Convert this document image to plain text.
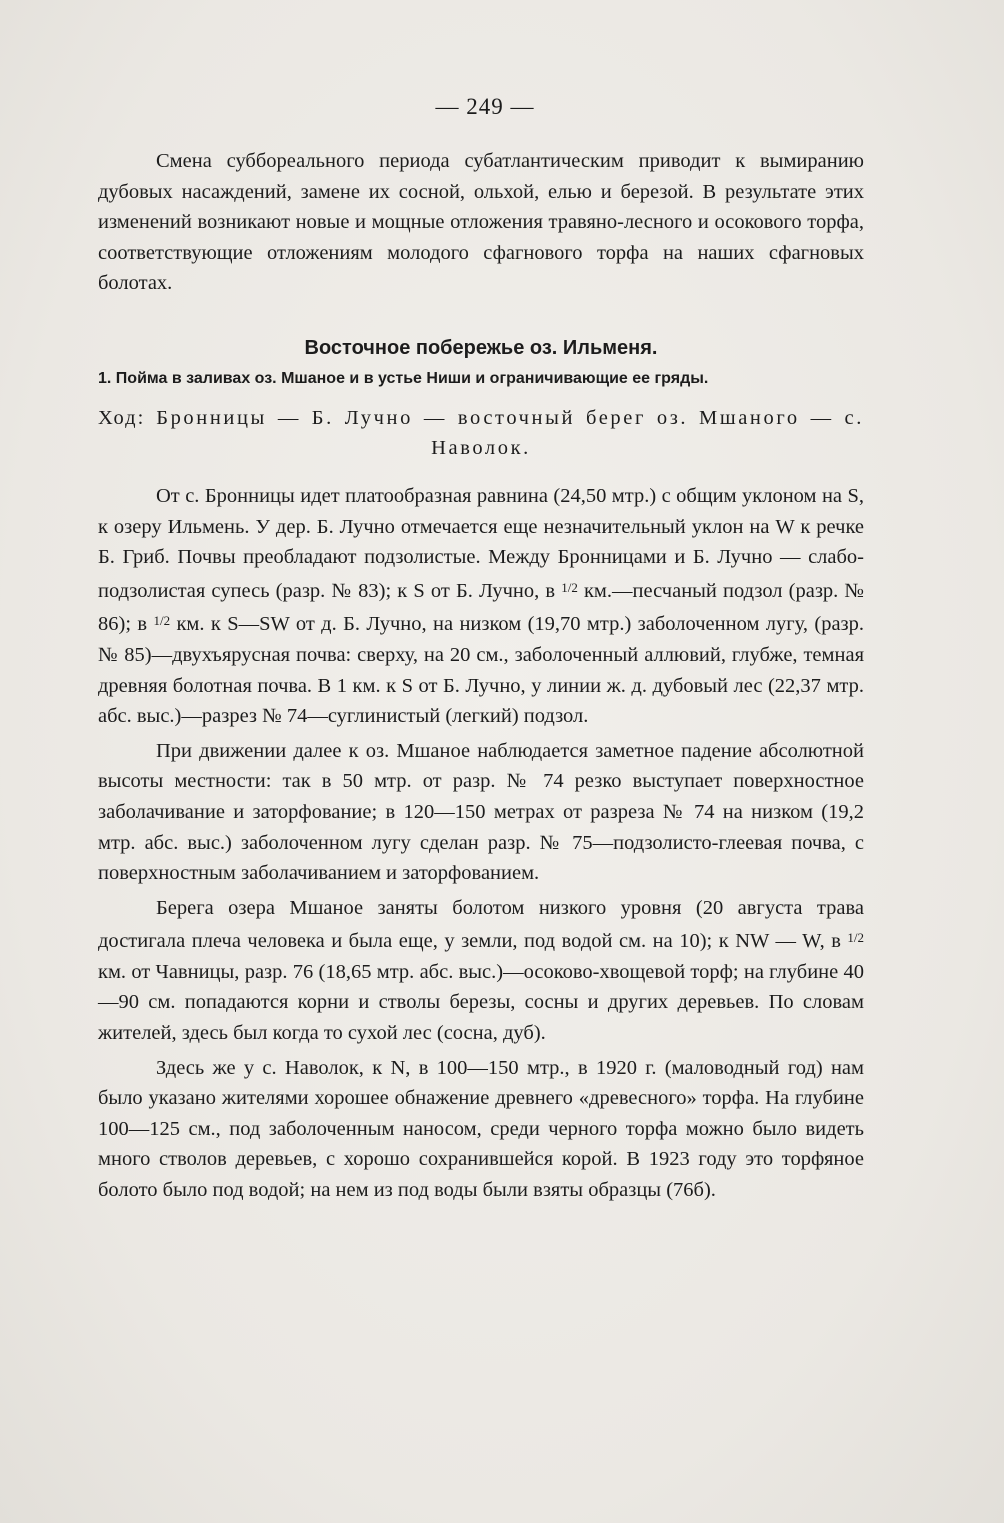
— 249 —

Смена суббореального периода субатлантическим приводит к вымиранию дубовых насаждений, замене их сосной, ольхой, елью и березой. В результате этих изменений возникают новые и мощные отложения травяно-лесного и осокового торфа, соответствующие отложениям молодого сфагнового торфа на наших сфагновых болотах.

Восточное побережье оз. Ильменя.
1. Пойма в заливах оз. Мшаное и в устье Ниши и ограничивающие ее гряды.
Ход: Бронницы — Б. Лучно — восточный берег оз. Мшаного — с. Наволок.

От с. Бронницы идет платообразная равнина (24,50 мтр.) с общим уклоном на S, к озеру Ильмень. У дер. Б. Лучно отмечается еще незначительный уклон на W к речке Б. Гриб. Почвы преобладают подзолистые. Между Бронницами и Б. Лучно — слабо-подзолистая супесь (разр. № 83); к S от Б. Лучно, в $^{1/2}$ км.—песчаный подзол (разр. № 86); в $^{1/2}$ км. к S—SW от д. Б. Лучно, на низком (19,70 мтр.) заболоченном лугу, (разр. № 85)—двухъярусная почва: сверху, на 20 см., заболоченный аллювий, глубже, темная древняя болотная почва. В 1 км. к S от Б. Лучно, у линии ж. д. дубовый лес (22,37 мтр. абс. выс.)—разрез № 74—суглинистый (легкий) подзол.

При движении далее к оз. Мшаное наблюдается заметное падение абсолютной высоты местности: так в 50 мтр. от разр. № 74 резко выступает поверхностное заболачивание и заторфование; в 120—150 метрах от разреза № 74 на низком (19,2 мтр. абс. выс.) заболоченном лугу сделан разр. № 75—подзолисто-глеевая почва, с поверхностным заболачиванием и заторфованием.

Берега озера Мшаное заняты болотом низкого уровня (20 августа трава достигала плеча человека и была еще, у земли, под водой см. на 10); к NW — W, в $^{1/2}$ км. от Чавницы, разр. 76 (18,65 мтр. абс. выс.)—осоково-хвощевой торф; на глубине 40—90 см. попадаются корни и стволы березы, сосны и других деревьев. По словам жителей, здесь был когда то сухой лес (сосна, дуб).

Здесь же у с. Наволок, к N, в 100—150 мтр., в 1920 г. (маловодный год) нам было указано жителями хорошее обнажение древнего «древесного» торфа. На глубине 100—125 см., под заболоченным наносом, среди черного торфа можно было видеть много стволов деревьев, с хорошо сохранившейся корой. В 1923 году это торфяное болото было под водой; на нем из под воды были взяты образцы (76б).
